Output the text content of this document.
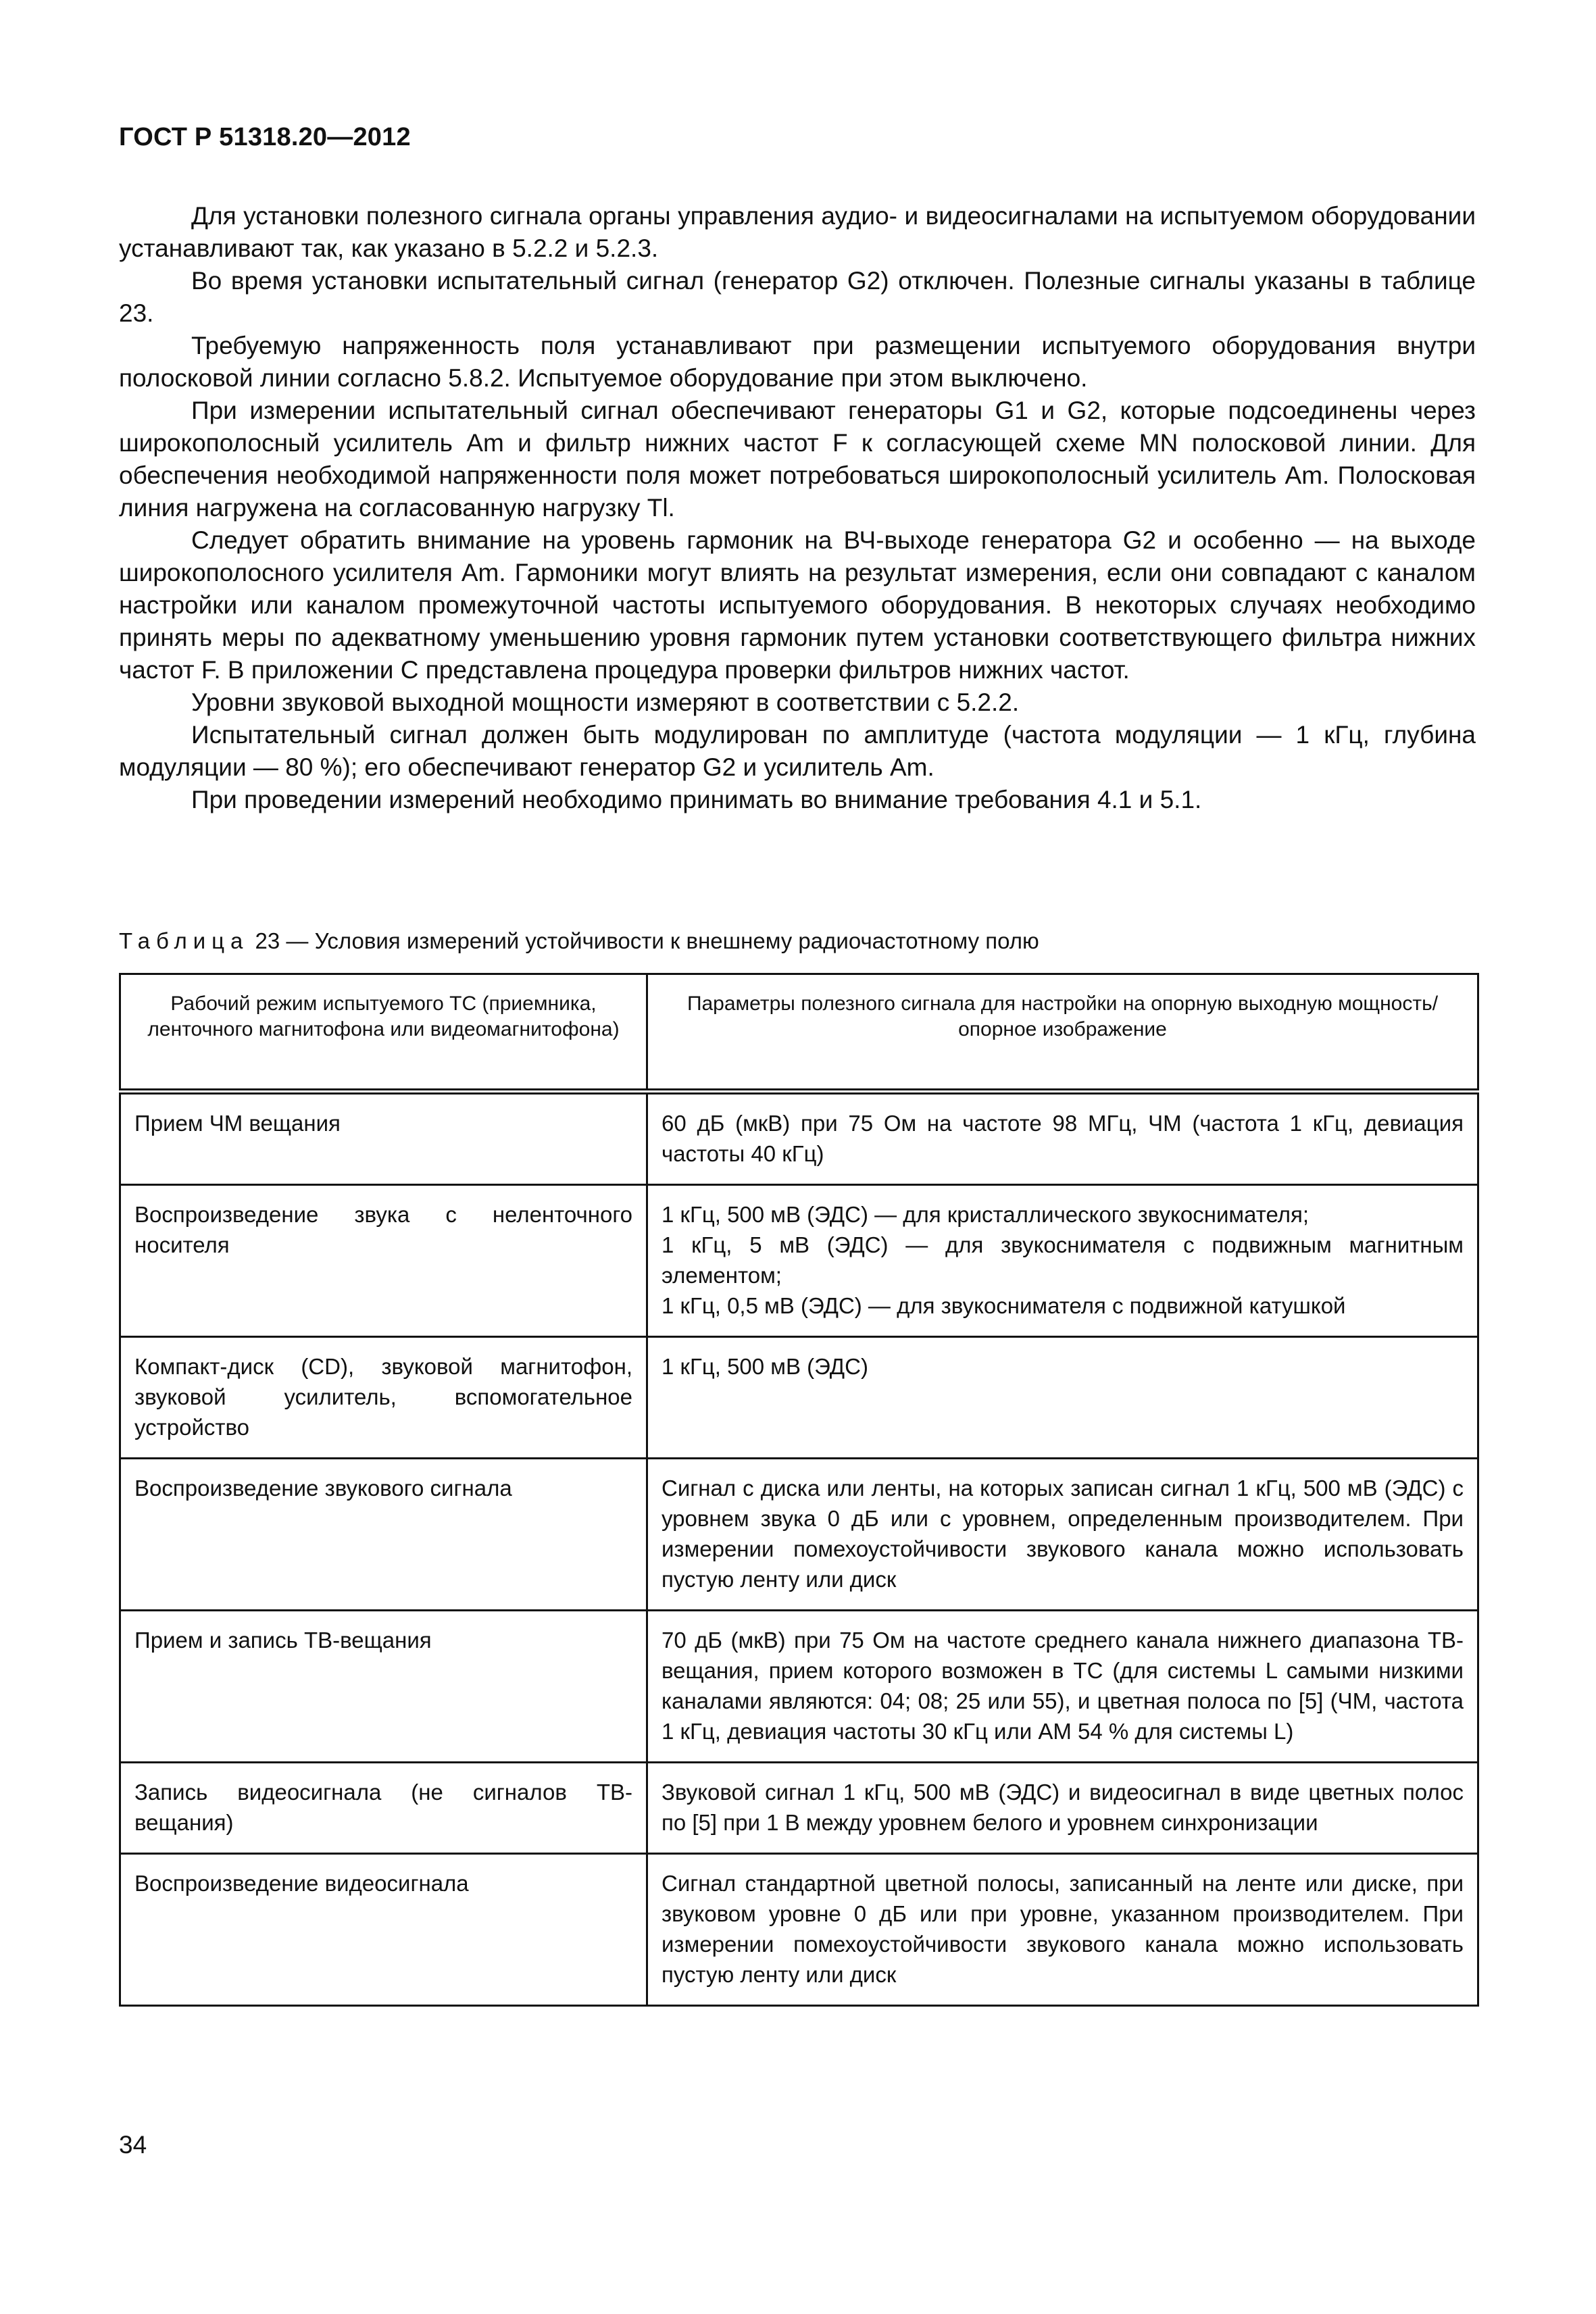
ГОСТ Р 51318.20—2012

Для установки полезного сигнала органы управления аудио- и видеосигналами на испытуемом оборудовании устанавливают так, как указано в 5.2.2 и 5.2.3.

Во время установки испытательный сигнал (генератор G2) отключен. Полезные сигналы указаны в таблице 23.

Требуемую напряженность поля устанавливают при размещении испытуемого оборудования внутри полосковой линии согласно 5.8.2. Испытуемое оборудование при этом выключено.

При измерении испытательный сигнал обеспечивают генераторы G1 и G2, которые подсоединены через широкополосный усилитель Am и фильтр нижних частот F к согласующей схеме MN полосковой линии. Для обеспечения необходимой напряженности поля может потребоваться широкополосный усилитель Am. Полосковая линия нагружена на согласованную нагрузку Tl.

Следует обратить внимание на уровень гармоник на ВЧ-выходе генератора G2 и особенно — на выходе широкополосного усилителя Am. Гармоники могут влиять на результат измерения, если они совпадают с каналом настройки или каналом промежуточной частоты испытуемого оборудования. В некоторых случаях необходимо принять меры по адекватному уменьшению уровня гармоник путем установки соответствующего фильтра нижних частот F. В приложении С представлена процедура проверки фильтров нижних частот.

Уровни звуковой выходной мощности измеряют в соответствии с 5.2.2.

Испытательный сигнал должен быть модулирован по амплитуде (частота модуляции — 1 кГц, глубина модуляции — 80 %); его обеспечивают генератор G2 и усилитель Am.

При проведении измерений необходимо принимать во внимание требования 4.1 и 5.1.

Таблица 23 — Условия измерений устойчивости к внешнему радиочастотному полю
Рабочий режим испытуемого ТС (приемника, ленточного магнитофона или видеомагнитофона)	Параметры полезного сигнала для настройки на опорную выходную мощность/опорное изображение
Прием ЧМ вещания	60 дБ (мкВ) при 75 Ом на частоте 98 МГц, ЧМ (частота 1 кГц, девиация частоты 40 кГц)

Воспроизведение звука с неленточного носителя	1 кГц, 500 мВ (ЭДС) — для кристаллического звукоснимателя;
1 кГц, 5 мВ (ЭДС) — для звукоснимателя с подвижным магнитным элементом;
1 кГц, 0,5 мВ (ЭДС) — для звукоснимателя с подвижной катушкой

Компакт-диск (CD), звуковой магнитофон, звуковой усилитель, вспомогательное устройство	1 кГц, 500 мВ (ЭДС)

Воспроизведение звукового сигнала	Сигнал с диска или ленты, на которых записан сигнал 1 кГц, 500 мВ (ЭДС) с уровнем звука 0 дБ или с уровнем, определенным производителем. При измерении помехоустойчивости звукового канала можно использовать пустую ленту или диск

Прием и запись ТВ-вещания	70 дБ (мкВ) при 75 Ом на частоте среднего канала нижнего диапазона ТВ-вещания, прием которого возможен в ТС (для системы L самыми низкими каналами являются: 04; 08; 25 или 55), и цветная полоса по [5] (ЧМ, частота 1 кГц, девиация частоты 30 кГц или АМ 54 % для системы L)

Запись видеосигнала (не сигналов ТВ-вещания)	Звуковой сигнал 1 кГц, 500 мВ (ЭДС) и видеосигнал в виде цветных полос по [5] при 1 В между уровнем белого и уровнем синхронизации

Воспроизведение видеосигнала	Сигнал стандартной цветной полосы, записанный на ленте или диске, при звуковом уровне 0 дБ или при уровне, указанном производителем. При измерении помехоустойчивости звукового канала можно использовать пустую ленту или диск
34
